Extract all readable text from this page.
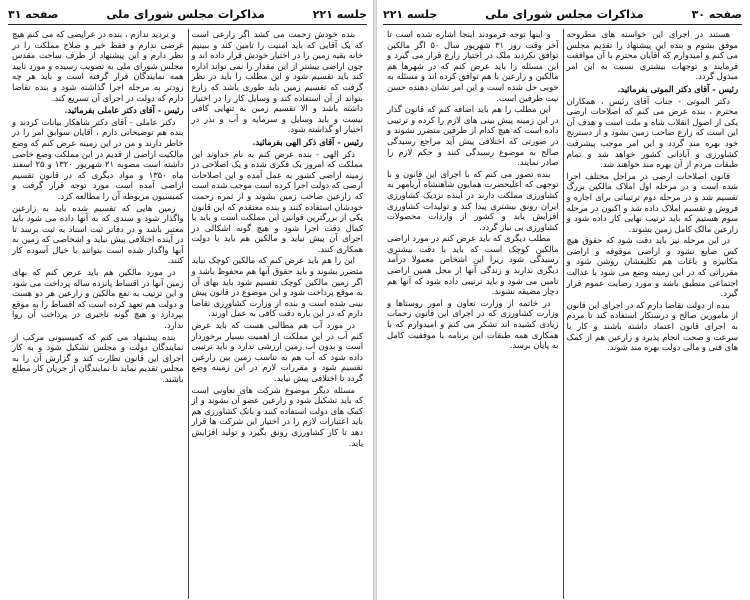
جلسه ۲۲۱
مذاکرات مجلس شورای ملی
صفحه ۳۱

بنده خودش زحمت می کشد اگر زارعی است که یک آقایی که باید امنیت را تامین کند و ببینیم خانه بقیه زمین را در اختیار خودش قرار داده اند و چون اراضی بیشتر از این مقدار را نمی تواند اداره کند باید تقسیم شود و این مطلب را باید در نظر گرفت که تقسیم زمین باید طوری باشد که زارع بتواند از آن استفاده کند و وسایل کار را در اختیار داشته باشد و الا تقسیم زمین به تنهایی کافی نیست و باید وسایل و سرمایه و آب و بذر در اختیار او گذاشته شود.

رئیس - آقای ذکر الهی بفرمائید.

ذکر الهی - بنده عرض کنم به نام خداوند این مملکت که امروز یک فکری شده و یک اصلاحی در زمینه اراضی کشور به عمل آمده و این اصلاحات ارضی که دولت اجرا کرده است موجب شده است که زارعین صاحب زمین بشوند و از ثمره زحمت خودشان استفاده کنند و بنده معتقدم که این قانون یکی از بزرگترین قوانین این مملکت است و باید با کمال دقت اجرا شود و هیچ گونه اشکالی در اجرای آن پیش نیاید و مالکین هم باید با دولت همکاری کنند.

این را هم باید عرض کنم که مالکین کوچک نباید متضرر بشوند و باید حقوق آنها هم محفوظ باشد و اگر زمین مالکین کوچک تقسیم شود باید بهای آن به موقع پرداخت شود و این موضوع در قانون پیش بینی شده است و بنده از وزارت کشاورزی تقاضا دارم که در این باره دقت کافی به عمل آورند.

در مورد آب هم مطالبی هست که باید عرض کنم آب در این مملکت از اهمیت بسیار برخوردار است و بدون آب زمین ارزشی ندارد و باید ترتیبی داده شود که آب هم به تناسب زمین بین زارعین تقسیم شود و مقررات لازم در این زمینه وضع گردد تا اختلافی پیش نیاید.

مسئله دیگر موضوع شرکت های تعاونی است که باید تشکیل شود و زارعین عضو آن بشوند و از کمک های دولت استفاده کنند و بانک کشاورزی هم باید اعتبارات لازم را در اختیار این شرکت ها قرار دهد تا کار کشاورزی رونق بگیرد و تولید افزایش یابد.

و تردید ندارم ، بنده در عرایضی که می کنم هیچ غرضی ندارم و فقط خیر و صلاح مملکت را در نظر دارم و این پیشنهاد از طرف ساحت مقدس مجلس شورای ملی به تصویب رسیده و مورد تایید همه نمایندگان قرار گرفته است و باید هر چه زودتر به مرحله اجرا گذاشته شود و بنده تقاضا دارم که دولت در اجرای آن تسریع کند.

رئیس - آقای دکتر عاملی بفرمائید.

دکتر عاملی - آقای دکتر شاهکار بیانات کردند و بنده هم توضیحاتی دارم ، آقایان سوابق امر را در خاطر دارند و من در این زمینه عرض کنم که وضع مالکیت اراضی از قدیم در این مملکت وضع خاصی داشته است مصوبه ۲۱ شهریور ۱۳۲۰ و ۲۵ اسفند ماه ۱۳۵۰ و مواد دیگری که در قانون تقسیم اراضی آمده است مورد توجه قرار گرفت و کمیسیون مربوطه آن را مطالعه کرد.

زمین هایی که تقسیم شده باید به زارعین واگذار شود و سندی که به آنها داده می شود باید معتبر باشد و در دفاتر ثبت اسناد به ثبت برسد تا در آینده اختلافی پیش نیاید و اشخاصی که زمین به آنها واگذار شده است بتوانند با خیال آسوده کار کنند.

در مورد مالکین هم باید عرض کنم که بهای زمین آنها در اقساط پانزده ساله پرداخت می شود و این ترتیب به نفع مالکین و زارعین هر دو هست و دولت هم تعهد کرده است که اقساط را به موقع بپردازد و هیچ گونه تاخیری در پرداخت آن روا ندارد.

بنده پیشنهاد می کنم که کمیسیونی مرکب از نمایندگان دولت و مجلس تشکیل شود و به کار اجرای این قانون نظارت کند و گزارش آن را به مجلس تقدیم نماید تا نمایندگان از جریان کار مطلع باشند.

صفحه ۳۰
مذاکرات مجلس شورای ملی
جلسه ۲۲۱

هستند در اجرای این خواسته های مطروحه موفق بشوم و بنده این پیشنهاد را تقدیم مجلس می کنم و امیدوارم که آقایان محترم با آن موافقت فرمایند و توجهات بیشتری نسبت به این امر مبذول گردد.

رئیس - آقای دکتر الموتی بفرمائید.

دکتر الموتی - جناب آقای رئیس ، همکاران محترم ، بنده عرض می کنم که اصلاحات ارضی یکی از اصول انقلاب شاه و ملت است و هدف آن این است که زارع صاحب زمین بشود و از دسترنج خود بهره مند گردد و این امر موجب پیشرفت کشاورزی و آبادانی کشور خواهد شد و تمام طبقات مردم از آن بهره مند خواهند شد.

قانون اصلاحات ارضی در مراحل مختلف اجرا شده است و در مرحله اول املاک مالکین بزرگ تقسیم شد و در مرحله دوم ترتیباتی برای اجاره و فروش و تقسیم املاک داده شد و اکنون در مرحله سوم هستیم که باید ترتیب نهایی کار داده شود و زارعین مالک کامل زمین بشوند.

در این مرحله نیز باید دقت شود که حقوق هیچ کس ضایع نشود و اراضی موقوفه و اراضی مکانیزه و باغات هم تکلیفشان روشن شود و مقرراتی که در این زمینه وضع می شود با عدالت اجتماعی منطبق باشد و مورد رضایت عموم قرار گیرد.

بنده از دولت تقاضا دارم که در اجرای این قانون از مامورین صالح و درستکار استفاده کند تا مردم به اجرای قانون اعتماد داشته باشند و کار با سرعت و صحت انجام پذیرد و زارعین هم از کمک های فنی و مالی دولت بهره مند شوند.

و اینها توجه فرمودند اینجا اشاره شده است تا آخر وقت روز ۳۱ شهریور سال ۵۰ اگر مالکین توافق نکردند ملک در اختیار زارع قرار می گیرد و این مسئله را باید عرض کنم که در شهرها هم مالکین و زارعین با هم توافق کرده اند و مسئله به خوبی حل شده است و این امر نشان دهنده حسن نیت طرفین است.

این مطلب را هم باید اضافه کنم که قانون گذار در این زمینه پیش بینی های لازم را کرده و ترتیبی داده است که هیچ کدام از طرفین متضرر نشوند و در صورتی که اختلافی پیش آید مراجع رسیدگی صالح به موضوع رسیدگی کنند و حکم لازم را صادر نمایند.

بنده تصور می کنم که با اجرای این قانون و با توجهی که اعلیحضرت همایون شاهنشاه آریامهر به کشاورزی مملکت دارند در آینده نزدیک کشاورزی ایران رونق بیشتری پیدا کند و تولیدات کشاورزی افزایش یابد و کشور از واردات محصولات کشاورزی بی نیاز گردد.

مطلب دیگری که باید عرض کنم در مورد اراضی مالکین کوچک است که باید با دقت بیشتری رسیدگی شود زیرا این اشخاص معمولا درآمد دیگری ندارند و زندگی آنها از محل همین اراضی تامین می شود و باید ترتیبی داده شود که آنها هم دچار مضیقه نشوند.

در خاتمه از وزارت تعاون و امور روستاها و وزارت کشاورزی که در اجرای این قانون زحمات زیادی کشیده اند تشکر می کنم و امیدوارم که با همکاری همه طبقات این برنامه با موفقیت کامل به پایان برسد.
